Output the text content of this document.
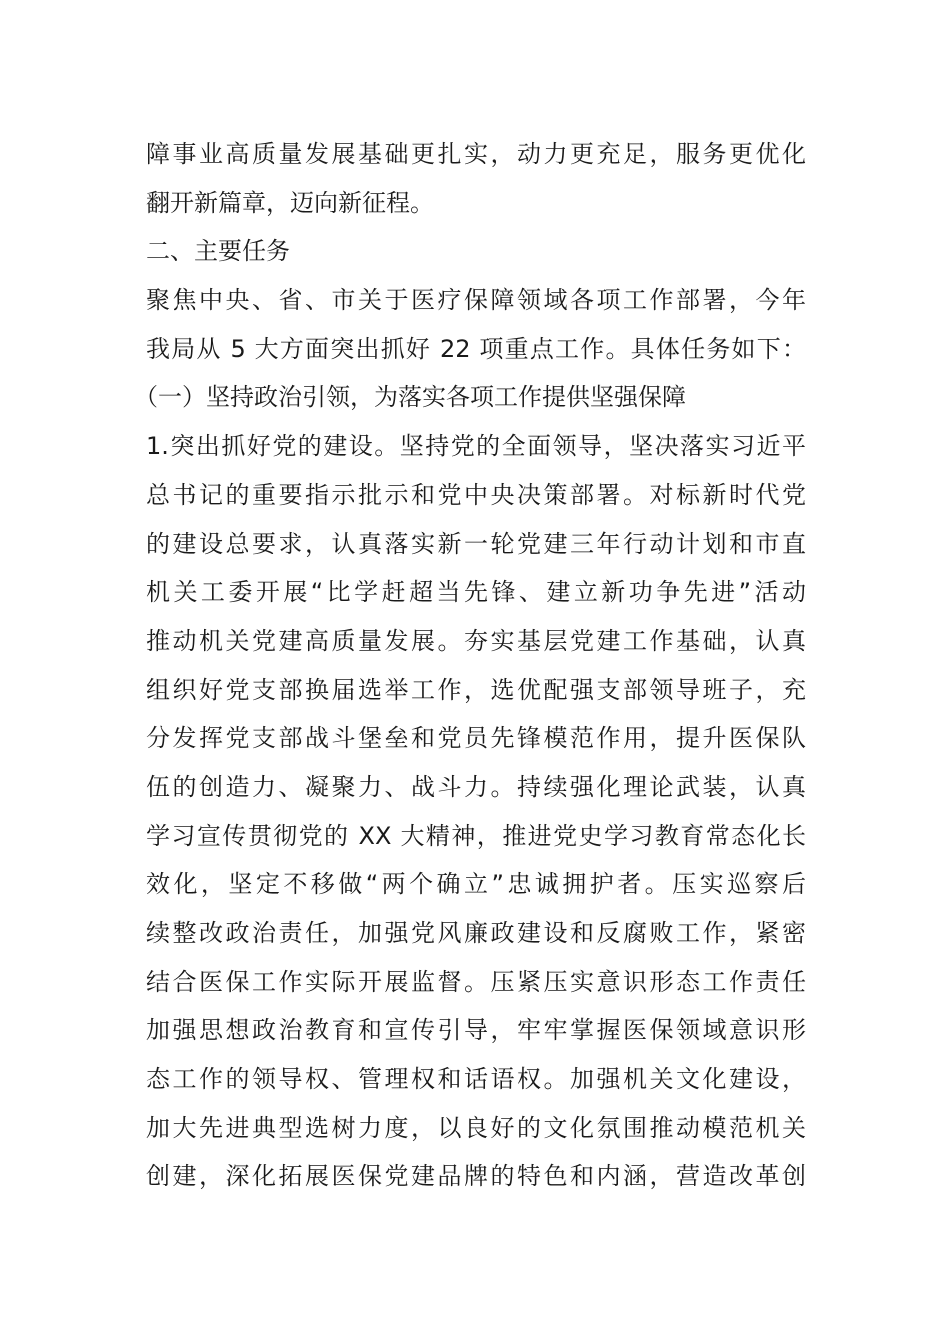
障事业高质量发展基础更扎实，动力更充足，服务更优化
翻开新篇章，迈向新征程。
二、主要任务
聚焦中央、省、市关于医疗保障领域各项工作部署，今年
我局从 5 大方面突出抓好 22 项重点工作。具体任务如下：
（一）坚持政治引领，为落实各项工作提供坚强保障
1.突出抓好党的建设。坚持党的全面领导，坚决落实习近平
总书记的重要指示批示和党中央决策部署。对标新时代党
的建设总要求，认真落实新一轮党建三年行动计划和市直
机关工委开展“比学赶超当先锋、建立新功争先进”活动
推动机关党建高质量发展。夯实基层党建工作基础，认真
组织好党支部换届选举工作，选优配强支部领导班子，充
分发挥党支部战斗堡垒和党员先锋模范作用，提升医保队
伍的创造力、凝聚力、战斗力。持续强化理论武装，认真
学习宣传贯彻党的 XX 大精神，推进党史学习教育常态化长
效化，坚定不移做“两个确立”忠诚拥护者。压实巡察后
续整改政治责任，加强党风廉政建设和反腐败工作，紧密
结合医保工作实际开展监督。压紧压实意识形态工作责任
加强思想政治教育和宣传引导，牢牢掌握医保领域意识形
态工作的领导权、管理权和话语权。加强机关文化建设，
加大先进典型选树力度，以良好的文化氛围推动模范机关
创建，深化拓展医保党建品牌的特色和内涵，营造改革创
